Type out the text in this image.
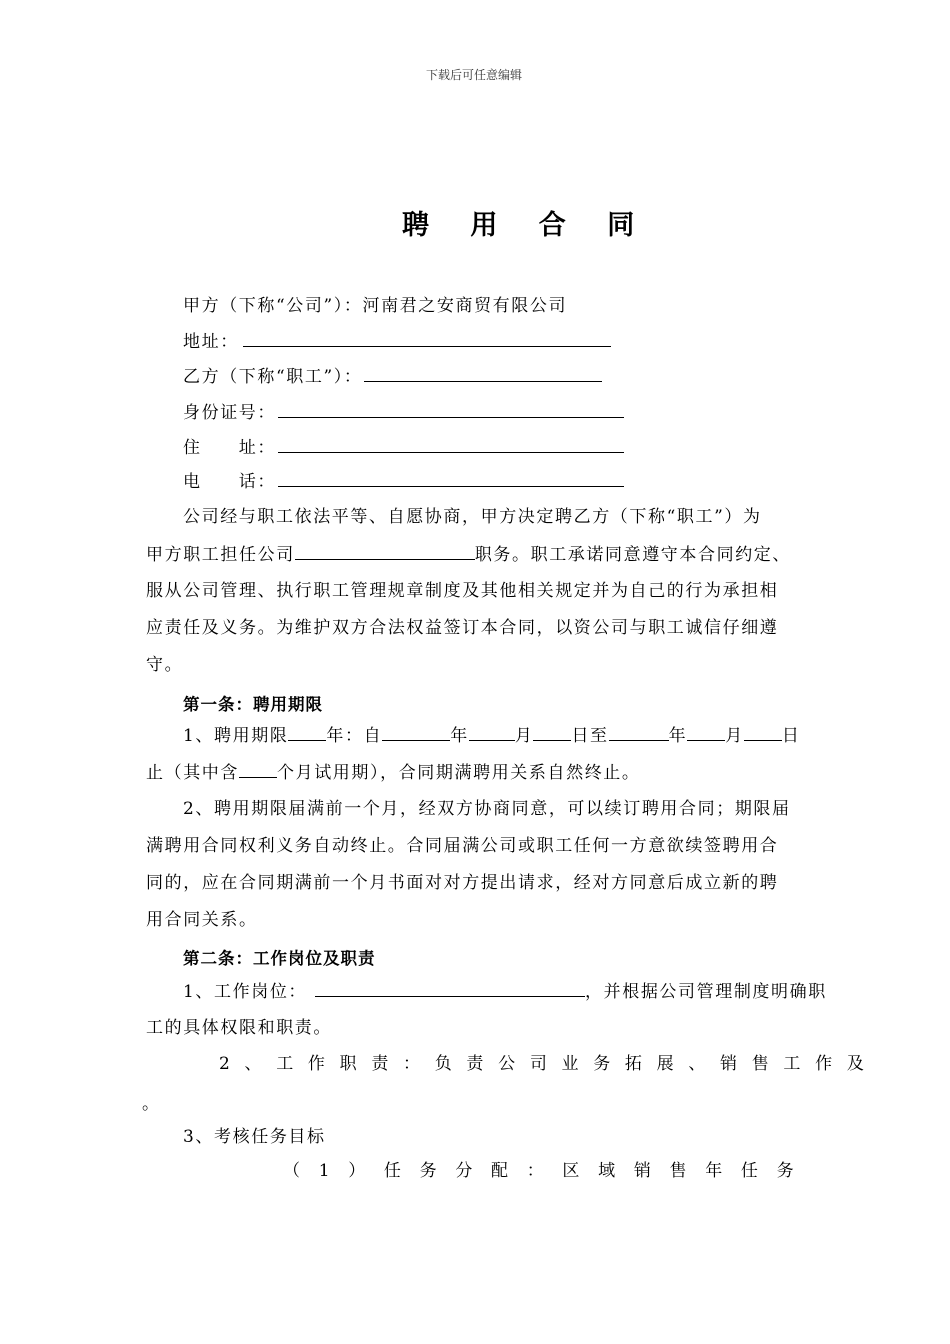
下载后可任意编辑
聘 用 合 同
甲方（下称“公司”）：河南君之安商贸有限公司
地址：
乙方（下称“职工”）：
身份证号：
住　　址：
电　　话：
公司经与职工依法平等、自愿协商，甲方决定聘乙方（下称“职工”）为
甲方职工担任公司	职务。职工承诺同意遵守本合同约定、
服从公司管理、执行职工管理规章制度及其他相关规定并为自己的行为承担相
应责任及义务。为维护双方合法权益签订本合同，以资公司与职工诚信仔细遵
守。
第一条：聘用期限
1、聘用期限 年：自	年	月 日至	年 月 日
止（其中含 个月试用期），合同期满聘用关系自然终止。
2、聘用期限届满前一个月，经双方协商同意，可以续订聘用合同；期限届
满聘用合同权利义务自动终止。合同届满公司或职工任何一方意欲续签聘用合
同的，应在合同期满前一个月书面对对方提出请求，经对方同意后成立新的聘
用合同关系。
第二条：工作岗位及职责
1、工作岗位：	，并根据公司管理制度明确职
工的具体权限和职责。
2、工作职责：负责公司业务拓展、销售工作及
。
3、考核任务目标
（1）任务分配：区域销售年任务
